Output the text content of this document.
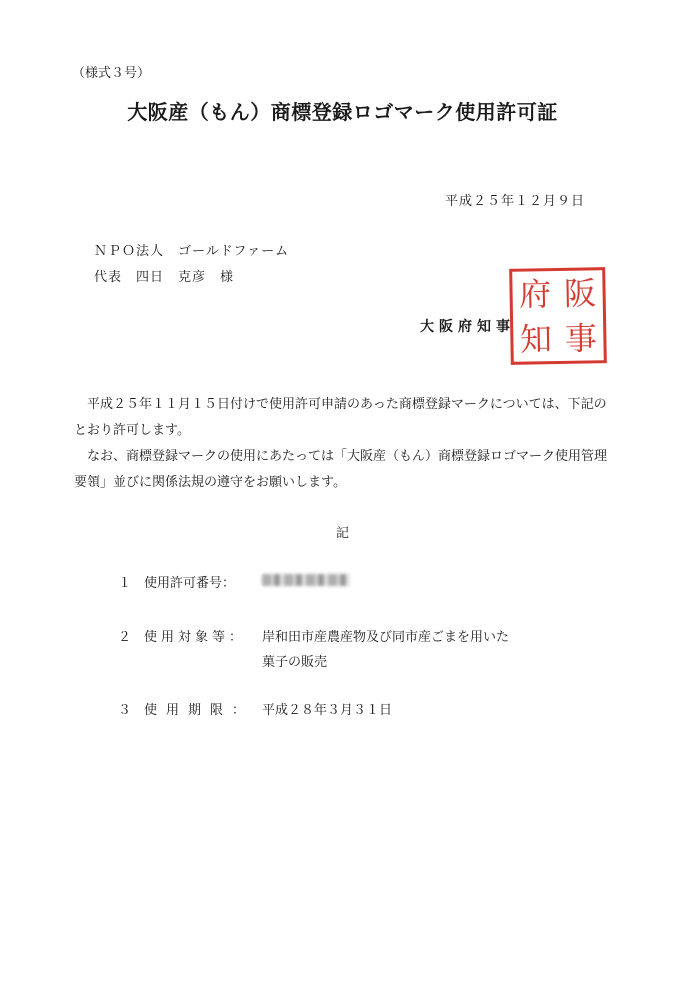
（様式３号）
大阪産（もん）商標登録ロゴマーク使用許可証
平成２５年１２月９日
ＮＰＯ法人　ゴールドファーム
代表　四日　克彦　様	府 阪
知 事
大阪府知事

平成２５年１１月１５日付けで使用許可申請のあった商標登録マークについては、下記のとおり許可します。

なお、商標登録マークの使用にあたっては「大阪産（もん）商標登録ロゴマーク使用管理要領」並びに関係法規の遵守をお願いします。

記
１ 使用許可番号：
２ 使用対象等： 岸和田市産農産物及び同市産ごまを用いた
菓子の販売
３ 使用期限： 平成２８年３月３１日
